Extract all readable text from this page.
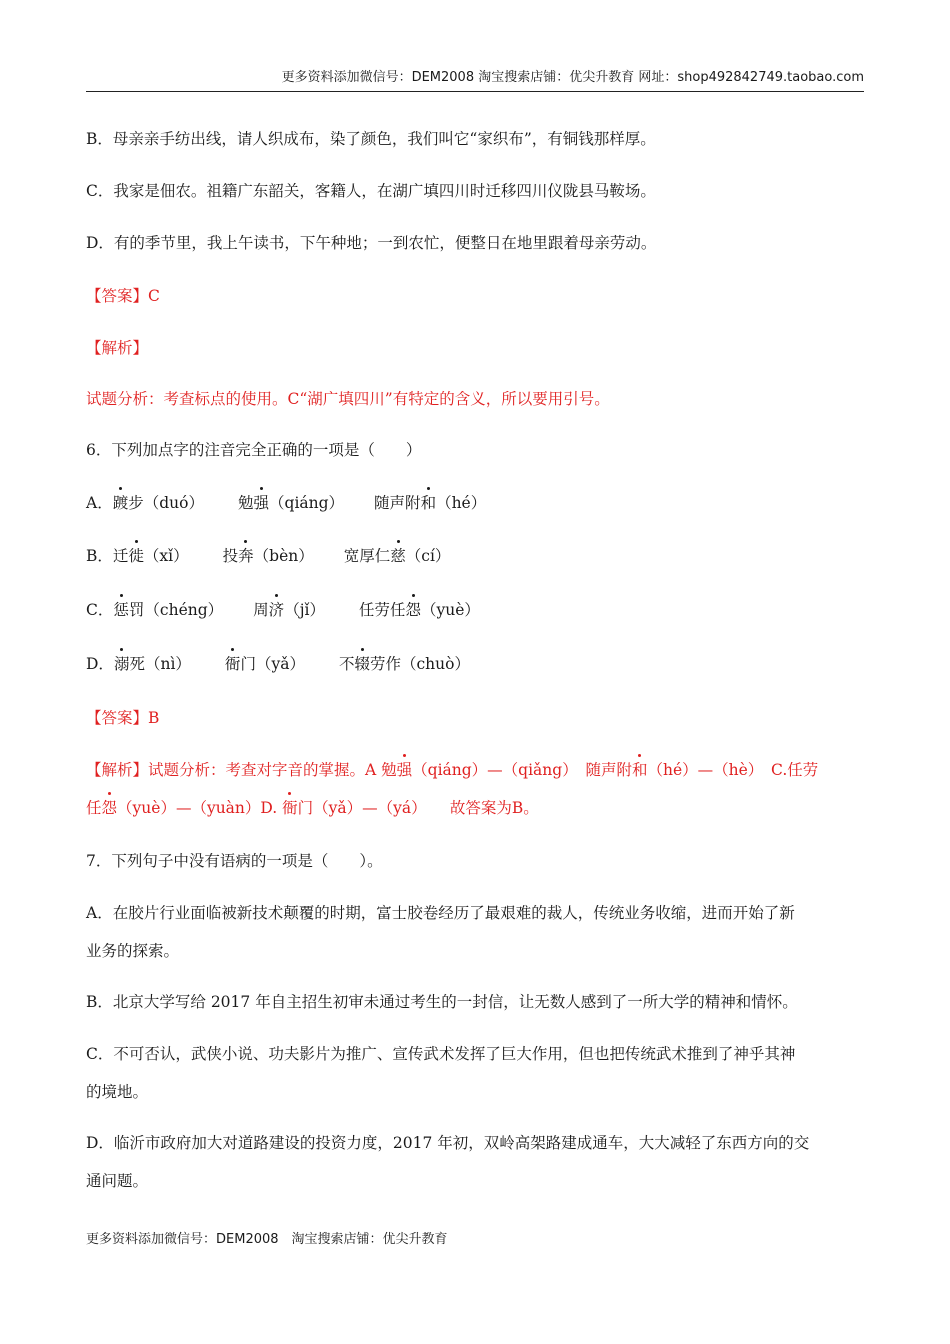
更多资料添加微信号：DEM2008 淘宝搜索店铺：优尖升教育 网址：shop492842749.taobao.com
B．母亲亲手纺出线，请人织成布，染了颜色，我们叫它“家织布”，有铜钱那样厚。
C．我家是佃农。祖籍广东韶关，客籍人，在湖广填四川时迁移四川仪陇县马鞍场。
D．有的季节里，我上午读书，下午种地；一到农忙，便整日在地里跟着母亲劳动。
【答案】C
【解析】
试题分析：考查标点的使用。C“湖广填四川”有特定的含义，所以要用引号。
6．下列加点字的注音完全正确的一项是（　　）
A．踱步（duó） 勉强（qiáng） 随声附和（hé）
B．迁徙（xǐ） 投奔（bèn） 宽厚仁慈（cí）
C．惩罚（chéng） 周济（jǐ） 任劳任怨（yuè）
D．溺死（nì） 衙门（yǎ） 不辍劳作（chuò）
【答案】B
【解析】试题分析：考查对字音的掌握。A 勉强（qiáng）—（qiǎng）　随声附和（hé）—（hè）　C.任劳
任怨（yuè）—（yuàn）D. 衙门（yǎ）—（yá）　　故答案为B。
7．下列句子中没有语病的一项是（　　）。
A．在胶片行业面临被新技术颠覆的时期，富士胶卷经历了最艰难的裁人，传统业务收缩，进而开始了新
业务的探索。
B．北京大学写给 2017 年自主招生初审未通过考生的一封信，让无数人感到了一所大学的精神和情怀。
C．不可否认，武侠小说、功夫影片为推广、宣传武术发挥了巨大作用，但也把传统武术推到了神乎其神
的境地。
D．临沂市政府加大对道路建设的投资力度，2017 年初，双岭高架路建成通车，大大减轻了东西方向的交
通问题。
更多资料添加微信号：DEM2008　淘宝搜索店铺：优尖升教育
